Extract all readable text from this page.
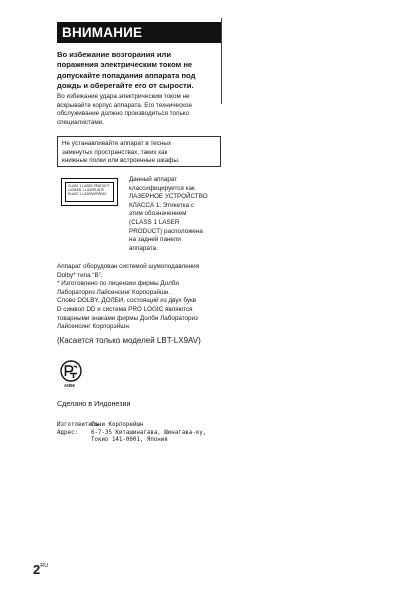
ВНИМАНИЕ
Во избежание возгорания или
поражения электрическим током не
допускайте попадания аппарата под
дождь и оберегайте его от сырости.
Во избежание удара электрическим током не
вскрывайте корпус аппарата. Его техническое
обслуживание должно производиться только
специалистами.
Не устанавливайте аппарат в тесных
замкнутых пространствах, таких как
книжные полки или встроенные шкафы.
CLASS 1 LASER PRODUCT
LUOKAN 1 LASERLAITE
KLASS 1 LASERAPPARAT
Данный аппарат
классифицируется как
ЛАЗЕРНОЕ УСТРОЙСТВО
КЛАССА 1. Этикетка с
этим обозначением
(CLASS 1 LASER
PRODUCT) расположена
на задней панели
аппарата.

Аппарат оборудован системой шумоподавления

Dolby* типа “B”.

* Изготовлено по лицензии фирмы Долби

Лабораториз Лайсенсинг Корпорэйшн.

Слово DOLBY, ДОЛБИ, состоящий из двух букв

D символ DD и система PRO LOGIC являются

товарными знаками фирмы Долби Лабораториз

Лайсенсинг Корпорэйшн.

(Касается только моделей LBT-LX9AV)
АИ06
Сделано в Индонезии
Изготовитель:
Сони Корпорейшн
Адрес:	6-7-35 Киташинагава, Шинагава-ку,
Токио 141-0001, Япония
$2^{RU}$
